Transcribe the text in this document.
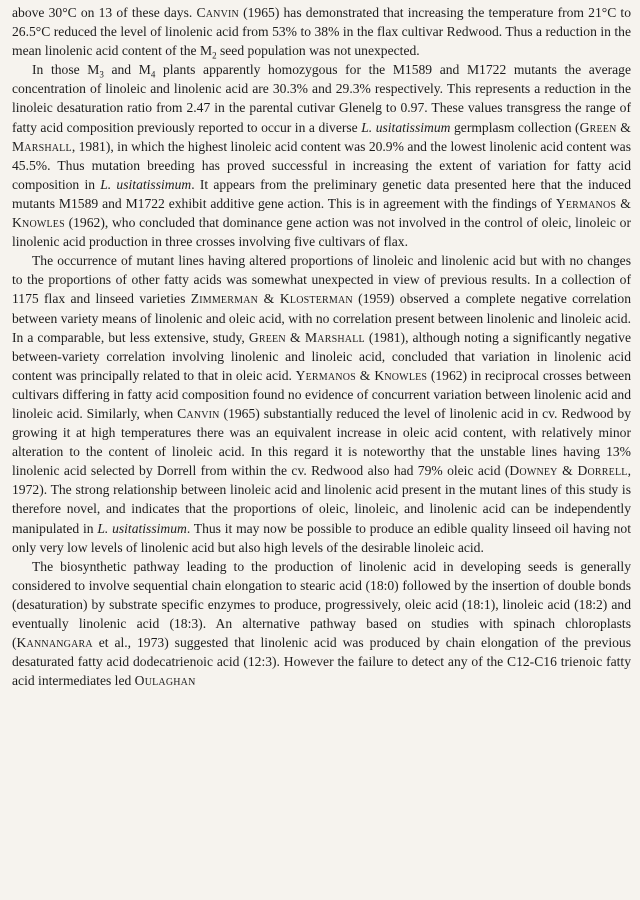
above 30°C on 13 of these days. Canvin (1965) has demonstrated that increasing the temperature from 21°C to 26.5°C reduced the level of linolenic acid from 53% to 38% in the flax cultivar Redwood. Thus a reduction in the mean linolenic acid content of the $M_2$ seed population was not unexpected.

In those $M_3$ and $M_4$ plants apparently homozygous for the M1589 and M1722 mutants the average concentration of linoleic and linolenic acid are 30.3% and 29.3% respectively. This represents a reduction in the linoleic desaturation ratio from 2.47 in the parental cutivar Glenelg to 0.97. These values transgress the range of fatty acid composition previously reported to occur in a diverse L. usitatissimum germplasm collection (Green & Marshall, 1981), in which the highest linoleic acid content was 20.9% and the lowest linolenic acid content was 45.5%. Thus mutation breeding has proved successful in increasing the extent of variation for fatty acid composition in L. usitatissimum. It appears from the preliminary genetic data presented here that the induced mutants M1589 and M1722 exhibit additive gene action. This is in agreement with the findings of Yermanos & Knowles (1962), who concluded that dominance gene action was not involved in the control of oleic, linoleic or linolenic acid production in three crosses involving five cultivars of flax.

The occurrence of mutant lines having altered proportions of linoleic and linolenic acid but with no changes to the proportions of other fatty acids was somewhat unexpected in view of previous results. In a collection of 1175 flax and linseed varieties Zimmerman & Klosterman (1959) observed a complete negative correlation between variety means of linolenic and oleic acid, with no correlation present between linolenic and linoleic acid. In a comparable, but less extensive, study, Green & Marshall (1981), although noting a significantly negative between-variety correlation involving linolenic and linoleic acid, concluded that variation in linolenic acid content was principally related to that in oleic acid. Yermanos & Knowles (1962) in reciprocal crosses between cultivars differing in fatty acid composition found no evidence of concurrent variation between linolenic acid and linoleic acid. Similarly, when Canvin (1965) substantially reduced the level of linolenic acid in cv. Redwood by growing it at high temperatures there was an equivalent increase in oleic acid content, with relatively minor alteration to the content of linoleic acid. In this regard it is noteworthy that the unstable lines having 13% linolenic acid selected by Dorrell from within the cv. Redwood also had 79% oleic acid (Downey & Dorrell, 1972). The strong relationship between linoleic acid and linolenic acid present in the mutant lines of this study is therefore novel, and indicates that the proportions of oleic, linoleic, and linolenic acid can be independently manipulated in L. usitatissimum. Thus it may now be possible to produce an edible quality linseed oil having not only very low levels of linolenic acid but also high levels of the desirable linoleic acid.

The biosynthetic pathway leading to the production of linolenic acid in developing seeds is generally considered to involve sequential chain elongation to stearic acid (18:0) followed by the insertion of double bonds (desaturation) by substrate specific enzymes to produce, progressively, oleic acid (18:1), linoleic acid (18:2) and eventually linolenic acid (18:3). An alternative pathway based on studies with spinach chloroplasts (Kannangara et al., 1973) suggested that linolenic acid was produced by chain elongation of the previous desaturated fatty acid dodecatrienoic acid (12:3). However the failure to detect any of the C12-C16 trienoic fatty acid intermediates led Oulaghan
